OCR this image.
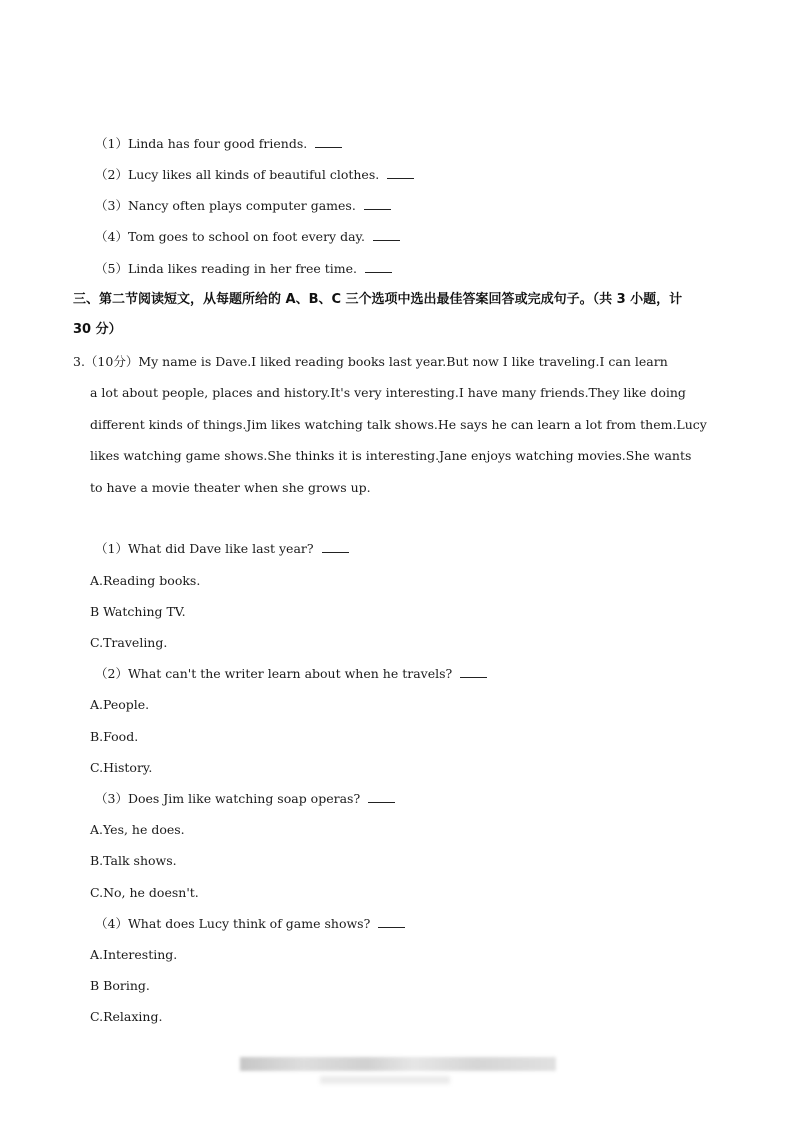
（1）Linda has four good friends.
（2）Lucy likes all kinds of beautiful clothes.
（3）Nancy often plays computer games.
（4）Tom goes to school on foot every day.
（5）Linda likes reading in her free time.
三、第二节阅读短文，从每题所给的 A、B、C 三个选项中选出最佳答案回答或完成句子。（共 3 小题，计
30 分）
3.（10分）My name is Dave.I liked reading books last year.But now I like traveling.I can learn
a lot about people, places and history.It's very interesting.I have many friends.They like doing
different kinds of things.Jim likes watching talk shows.He says he can learn a lot from them.Lucy
likes watching game shows.She thinks it is interesting.Jane enjoys watching movies.She wants
to have a movie theater when she grows up.
（1）What did Dave like last year?
A.Reading books.
B Watching TV.
C.Traveling.
（2）What can't the writer learn about when he travels?
A.People.
B.Food.
C.History.
（3）Does Jim like watching soap operas?
A.Yes, he does.
B.Talk shows.
C.No, he doesn't.
（4）What does Lucy think of game shows?
A.Interesting.
B Boring.
C.Relaxing.
